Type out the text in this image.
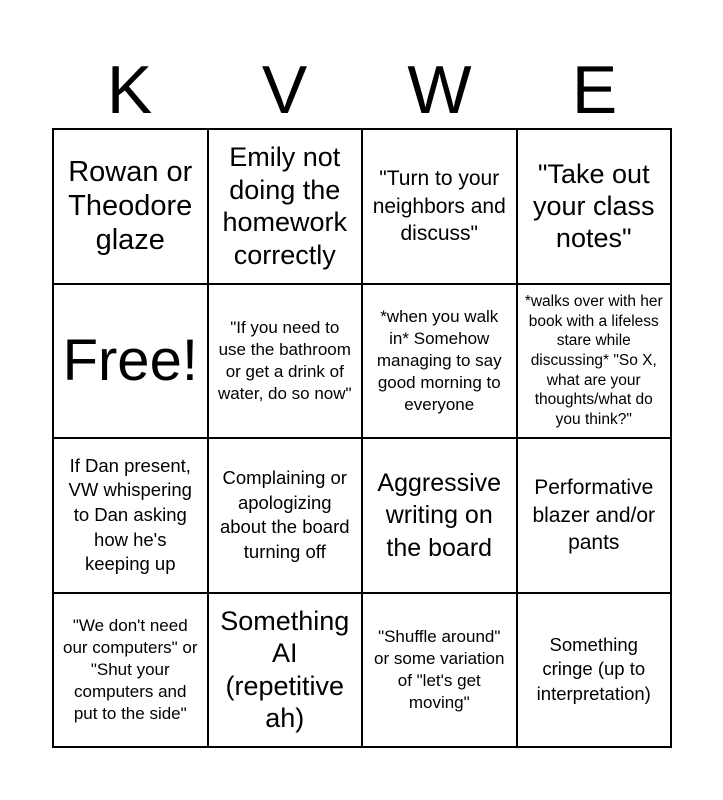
K	V	W	E
Rowan or Theodore glaze
Emily not doing the homework correctly
"Turn to your neighbors and discuss"
"Take out your class notes"
Free!
"If you need to use the bathroom or get a drink of water, do so now"
*when you walk in* Somehow managing to say good morning to everyone
*walks over with her book with a lifeless stare while discussing* "So X, what are your thoughts/what do you think?"
If Dan present, VW whispering to Dan asking how he's keeping up
Complaining or apologizing about the board turning off
Aggressive writing on the board
Performative blazer and/or pants
"We don't need our computers" or "Shut your computers and put to the side"
Something AI (repetitive ah)
"Shuffle around" or some variation of "let's get moving"
Something cringe (up to interpretation)
